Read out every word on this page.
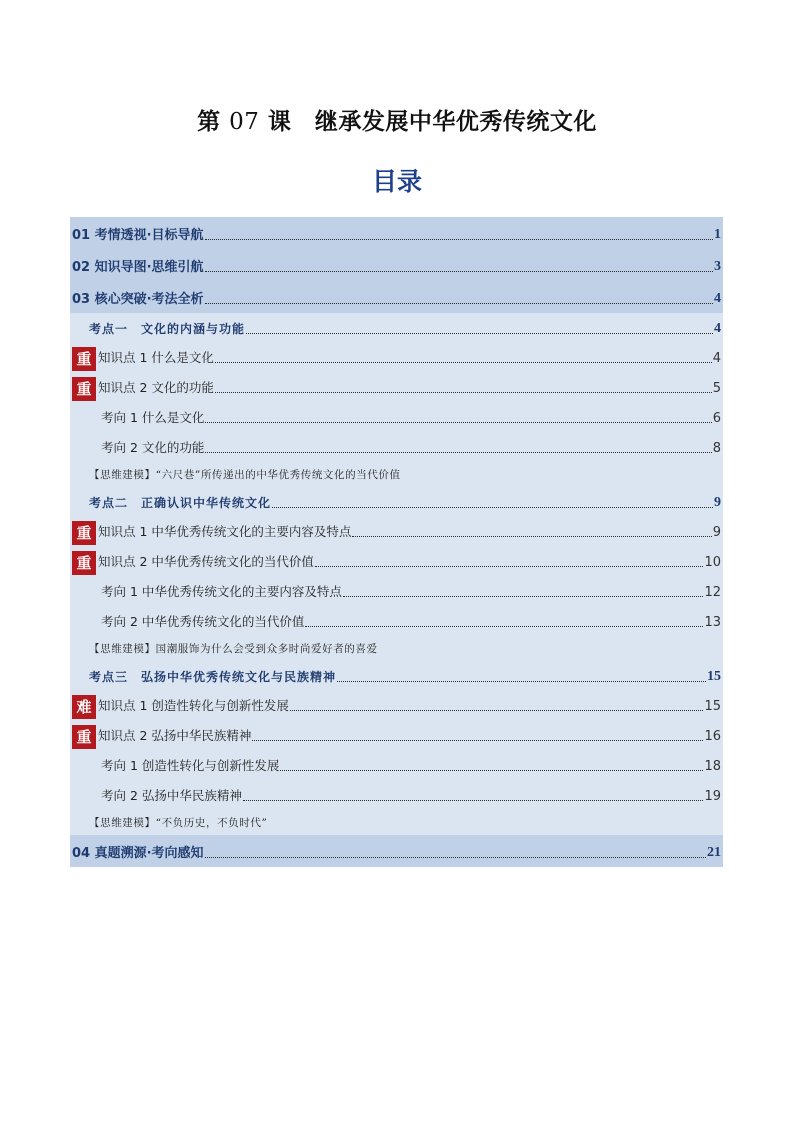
第 07 课　继承发展中华优秀传统文化
目录
01 考情透视·目标导航	1
02 知识导图·思维引航	3
03 核心突破·考法全析	4
考点一　文化的内涵与功能	4
重 知识点 1 什么是文化	4
重 知识点 2 文化的功能	5
考向 1 什么是文化	6
考向 2 文化的功能	8
【思维建模】“六尺巷”所传递出的中华优秀传统文化的当代价值
考点二　正确认识中华传统文化	9
重 知识点 1 中华优秀传统文化的主要内容及特点	9
重 知识点 2 中华优秀传统文化的当代价值	10
考向 1 中华优秀传统文化的主要内容及特点	12
考向 2 中华优秀传统文化的当代价值	13
【思维建模】国潮服饰为什么会受到众多时尚爱好者的喜爱
考点三　弘扬中华优秀传统文化与民族精神	15
难 知识点 1 创造性转化与创新性发展	15
重 知识点 2 弘扬中华民族精神	16
考向 1 创造性转化与创新性发展	18
考向 2 弘扬中华民族精神	19
【思维建模】“不负历史，不负时代”
04 真题溯源·考向感知	21
